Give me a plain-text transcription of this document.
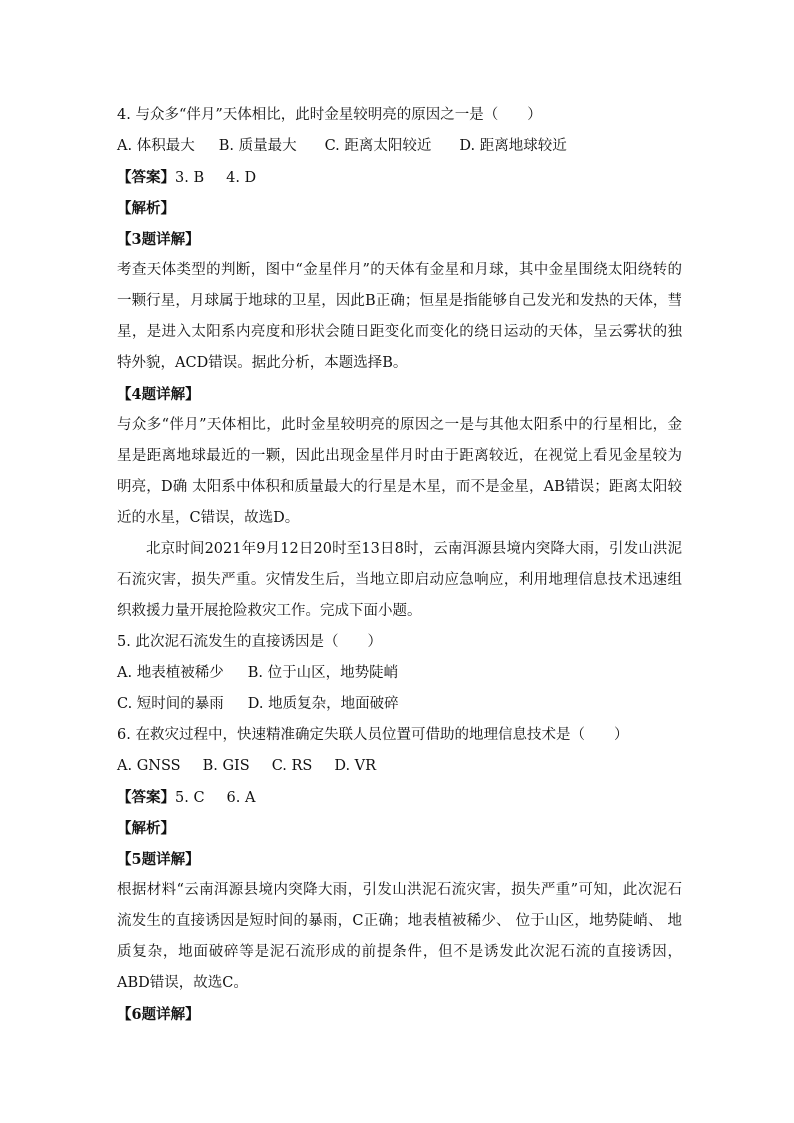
4. 与众多“伴月”天体相比，此时金星较明亮的原因之一是（　　）
A. 体积最大 B. 质量最大 C. 距离太阳较近 D. 距离地球较近
【答案】3. B 4. D
【解析】
【3题详解】

考查天体类型的判断，图中“金星伴月”的天体有金星和月球，其中金星围绕太阳绕转的一颗行星，月球属于地球的卫星，因此B正确；恒星是指能够自己发光和发热的天体，彗星，是进入太阳系内亮度和形状会随日距变化而变化的绕日运动的天体，呈云雾状的独特外貌，ACD错误。据此分析，本题选择B。

【4题详解】

与众多“伴月”天体相比，此时金星较明亮的原因之一是与其他太阳系中的行星相比，金星是距离地球最近的一颗，因此出现金星伴月时由于距离较近，在视觉上看见金星较为明亮，D确 太阳系中体积和质量最大的行星是木星，而不是金星，AB错误；距离太阳较近的水星，C错误，故选D。

北京时间2021年9月12日20时至13日8时，云南洱源县境内突降大雨，引发山洪泥石流灾害，损失严重。灾情发生后，当地立即启动应急响应，利用地理信息技术迅速组织救援力量开展抢险救灾工作。完成下面小题。

5. 此次泥石流发生的直接诱因是（　　）
A. 地表植被稀少 B. 位于山区，地势陡峭
C. 短时间的暴雨 D. 地质复杂，地面破碎
6. 在救灾过程中，快速精准确定失联人员位置可借助的地理信息技术是（　　）
A. GNSS B. GIS C. RS D. VR
【答案】5. C 6. A
【解析】
【5题详解】

根据材料“云南洱源县境内突降大雨，引发山洪泥石流灾害，损失严重”可知，此次泥石流发生的直接诱因是短时间的暴雨，C正确；地表植被稀少、 位于山区，地势陡峭、 地质复杂，地面破碎等是泥石流形成的前提条件，但不是诱发此次泥石流的直接诱因，ABD错误，故选C。

【6题详解】
